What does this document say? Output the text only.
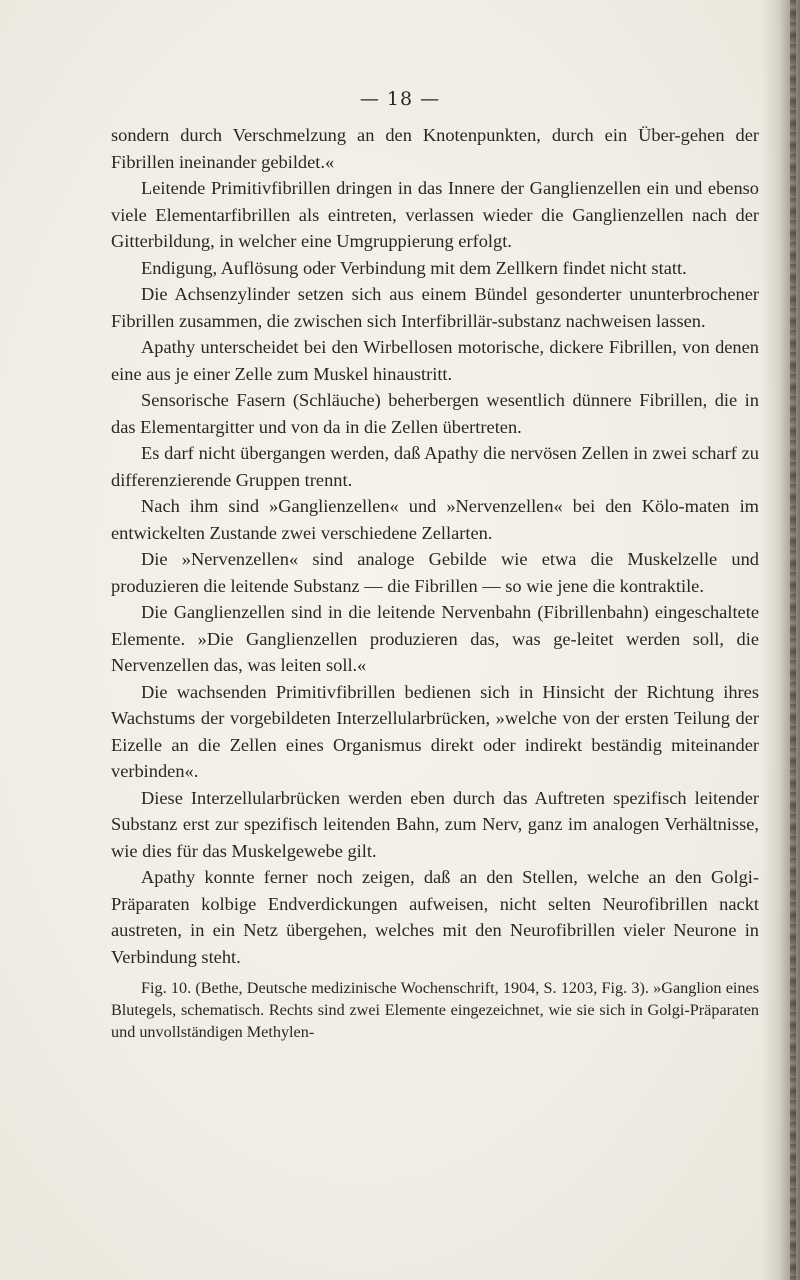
— 18 —

sondern durch Verschmelzung an den Knotenpunkten, durch ein Über-gehen der Fibrillen ineinander gebildet.«

Leitende Primitivfibrillen dringen in das Innere der Ganglienzellen ein und ebenso viele Elementarfibrillen als eintreten, verlassen wieder die Ganglienzellen nach der Gitterbildung, in welcher eine Umgruppierung erfolgt.

Endigung, Auflösung oder Verbindung mit dem Zellkern findet nicht statt.

Die Achsenzylinder setzen sich aus einem Bündel gesonderter ununterbrochener Fibrillen zusammen, die zwischen sich Interfibrillär-substanz nachweisen lassen.

Apathy unterscheidet bei den Wirbellosen motorische, dickere Fibrillen, von denen eine aus je einer Zelle zum Muskel hinaustritt.

Sensorische Fasern (Schläuche) beherbergen wesentlich dünnere Fibrillen, die in das Elementargitter und von da in die Zellen übertreten.

Es darf nicht übergangen werden, daß Apathy die nervösen Zellen in zwei scharf zu differenzierende Gruppen trennt.

Nach ihm sind »Ganglienzellen« und »Nervenzellen« bei den Kölo-maten im entwickelten Zustande zwei verschiedene Zellarten.

Die »Nervenzellen« sind analoge Gebilde wie etwa die Muskelzelle und produzieren die leitende Substanz — die Fibrillen — so wie jene die kontraktile.

Die Ganglienzellen sind in die leitende Nervenbahn (Fibrillenbahn) eingeschaltete Elemente. »Die Ganglienzellen produzieren das, was ge-leitet werden soll, die Nervenzellen das, was leiten soll.«

Die wachsenden Primitivfibrillen bedienen sich in Hinsicht der Richtung ihres Wachstums der vorgebildeten Interzellularbrücken, »welche von der ersten Teilung der Eizelle an die Zellen eines Organismus direkt oder indirekt beständig miteinander verbinden«.

Diese Interzellularbrücken werden eben durch das Auftreten spezifisch leitender Substanz erst zur spezifisch leitenden Bahn, zum Nerv, ganz im analogen Verhältnisse, wie dies für das Muskelgewebe gilt.

Apathy konnte ferner noch zeigen, daß an den Stellen, welche an den Golgi-Präparaten kolbige Endverdickungen aufweisen, nicht selten Neurofibrillen nackt austreten, in ein Netz übergehen, welches mit den Neurofibrillen vieler Neurone in Verbindung steht.

Fig. 10. (Bethe, Deutsche medizinische Wochenschrift, 1904, S. 1203, Fig. 3). »Ganglion eines Blutegels, schematisch. Rechts sind zwei Elemente eingezeichnet, wie sie sich in Golgi-Präparaten und unvollständigen Methylen-
